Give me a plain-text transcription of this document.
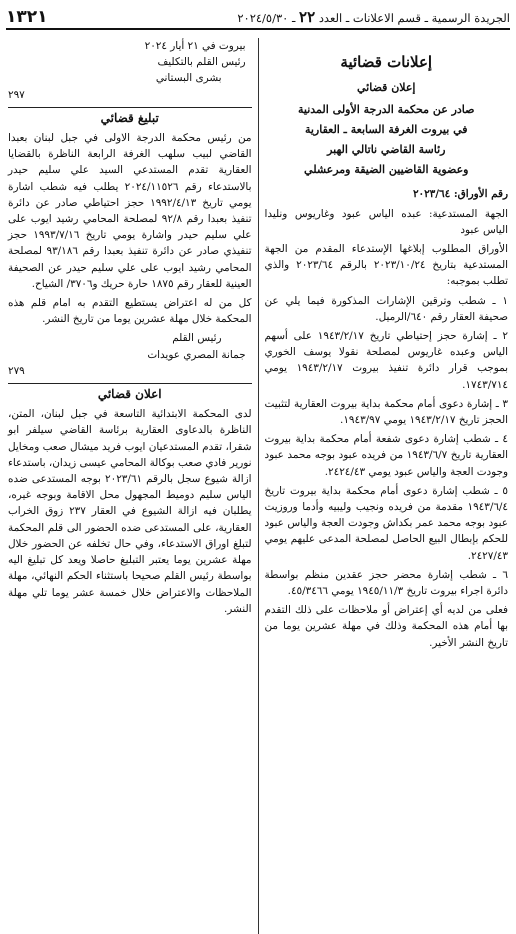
الجريدة الرسمية ـ قسم الاعلانات ـ العدد ٢٢ ـ ٢٠٢٤/٥/٣٠
١٣٢١
إعلانات قضائية
إعلان قضائي
صادر عن محكمة الدرجة الأولى المدنية
في بيروت الغرفة السابعة ـ العقارية
رئاسة القاضي ناتالي الهبر
وعضوية القاضيين الضيقة ومرعشلي

رقم الأوراق: ٢٠٢٣/٦٤

الجهة المستدعية: عبده الياس عبود وغاريوس ونليدا الياس عبود

الأوراق المطلوب إبلاغها الإستدعاء المقدم من الجهة المستدعية بتاريخ ٢٠٢٣/١٠/٢٤ بالرقم ٢٠٢٣/٦٤ والذي تطلب بموجبه:

١ ـ شطب وترقين الإشارات المذكورة فيما يلي عن صحيفة العقار رقم ٦٤٠/الرميل.

٢ ـ إشارة حجز إحتياطي تاريخ ١٩٤٣/٢/١٧ على أسهم الياس وعبده غاريوس لمصلحة نقولا يوسف الخوري بموجب قرار دائرة تنفيذ بيروت ١٩٤٣/٢/١٧ يومي ١٧٤٣/٧١٤.

٣ ـ إشارة دعوى أمام محكمة بداية بيروت العقارية لتثبيت الحجز تاريخ ١٩٤٣/٢/١٧ يومي ١٩٤٣/٩٧.

٤ ـ شطب إشارة دعوى شفعة أمام محكمة بداية بيروت العقارية تاريخ ١٩٤٣/٦/٧ من فريده عبود بوجه محمد عبود وجودت العجة والياس عبود يومي ٢٤٢٤/٤٣.

٥ ـ شطب إشارة دعوى أمام محكمة بداية بيروت تاريخ ١٩٤٣/٦/٤ مقدمة من فريده ونجيب وليبيه وأدما وروزيت عبود بوجه محمد عمر بكداش وجودت العجة والياس عبود للحكم بإبطال البيع الحاصل لمصلحة المدعى عليهم يومي ٢٤٢٧/٤٣.

٦ ـ شطب إشارة محضر حجز عقدين منظم بواسطة دائرة اجراء بيروت تاريخ ١٩٤٥/١١/٣ يومي ٤٥/٣٤٦٦.

فعلى من لديه أي إعتراض أو ملاحظات على ذلك التقدم بها أمام هذه المحكمة وذلك في مهلة عشرين يوما من تاريخ النشر الأخير.

بيروت في ٢١ أيار ٢٠٢٤
رئيس القلم بالتكليف
بشرى البستاني
٢٩٧
تبليغ قضائي

من رئيس محكمة الدرجة الاولى في جبل لبنان بعبدا القاضي لبيب سلهب الغرفة الرابعة الناظرة بالقضايا العقارية تقدم المستدعي السيد علي سليم حيدر بالاستدعاء رقم ٢٠٢٤/١١٥٢٦ يطلب فيه شطب اشارة يومي تاريخ ١٩٩٢/٤/١٣ حجز احتياطي صادر عن دائرة تنفيذ بعبدا رقم ٩٢/٨ لمصلحة المحامي رشيد ايوب على علي سليم حيدر واشارة يومي تاريخ ١٩٩٣/٧/١٦ حجز تنفيذي صادر عن دائرة تنفيذ بعبدا رقم ٩٣/١٨٦ لمصلحة المحامي رشيد ايوب على علي سليم حيدر عن الصحيفة العينية للعقار رقم ١٨٧٥ حارة حريك و٣٧٠٦/ الشياح.

كل من له اعتراض يستطيع التقدم به امام قلم هذه المحكمة خلال مهلة عشرين يوما من تاريخ النشر.

رئيس القلم
جمانة المصري عويدات
٢٧٩
اعلان قضائي

لدى المحكمة الابتدائية التاسعة في جبل لبنان، المتن، الناظرة بالدعاوى العقارية برئاسة القاضي سيلفر ابو شقرا، تقدم المستدعيان ايوب فريد ميشال صعب ومخايل نورير فادي صعب بوكالة المحامي عيسى زيدان، باستدعاء ازالة شيوع سجل بالرقم ٢٠٢٣/٦١ بوجه المستدعى ضده الياس سليم دوميط المجهول محل الاقامة وبوجه غيره، يطلبان فيه ازالة الشيوع في العقار ٢٣٧ زوق الخراب العقارية، على المستدعى ضده الحضور الى قلم المحكمة لتبلغ اوراق الاستدعاء، وفي حال تخلفه عن الحضور خلال مهلة عشرين يوما يعتبر التبليغ حاصلا ويعد كل تبليغ اليه بواسطة رئيس القلم صحيحا باستثناء الحكم النهائي، مهلة الملاحظات والاعتراض خلال خمسة عشر يوما تلي مهلة النشر.
